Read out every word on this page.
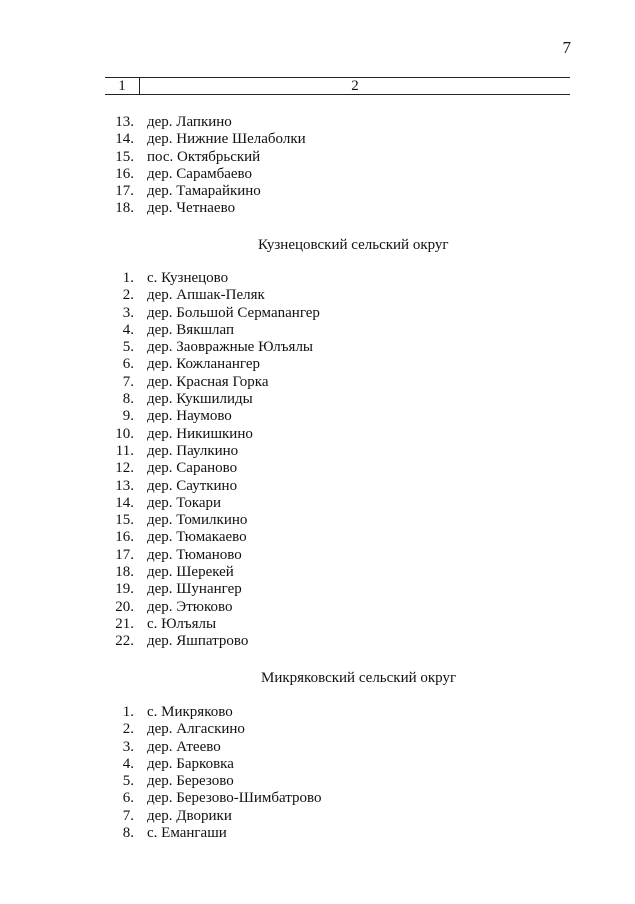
7
1	2
13. дер. Лапкино
14. дер. Нижние Шелаболки
15. пос. Октябрьский
16. дер. Сарамбаево
17. дер. Тамарайкино
18. дер. Четнаево
Кузнецовский сельский округ
1. с. Кузнецово
2. дер. Апшак-Пеляк
3. дер. Большой Сермanангер
4. дер. Вякшлап
5. дер. Заовражные Юлъялы
6. дер. Кожланангер
7. дер. Красная Горка
8. дер. Кукшилиды
9. дер. Наумово
10. дер. Никишкино
11. дер. Паулкино
12. дер. Сараново
13. дер. Сауткино
14. дер. Токари
15. дер. Томилкино
16. дер. Тюмакаево
17. дер. Тюманово
18. дер. Шерекей
19. дер. Шунангер
20. дер. Этюково
21. с. Юлъялы
22. дер. Яшпатрово
Микряковский сельский округ
1. с. Микряково
2. дер. Алгаскино
3. дер. Атеево
4. дер. Барковка
5. дер. Березово
6. дер. Березово-Шимбатрово
7. дер. Дворики
8. с. Емангаши
